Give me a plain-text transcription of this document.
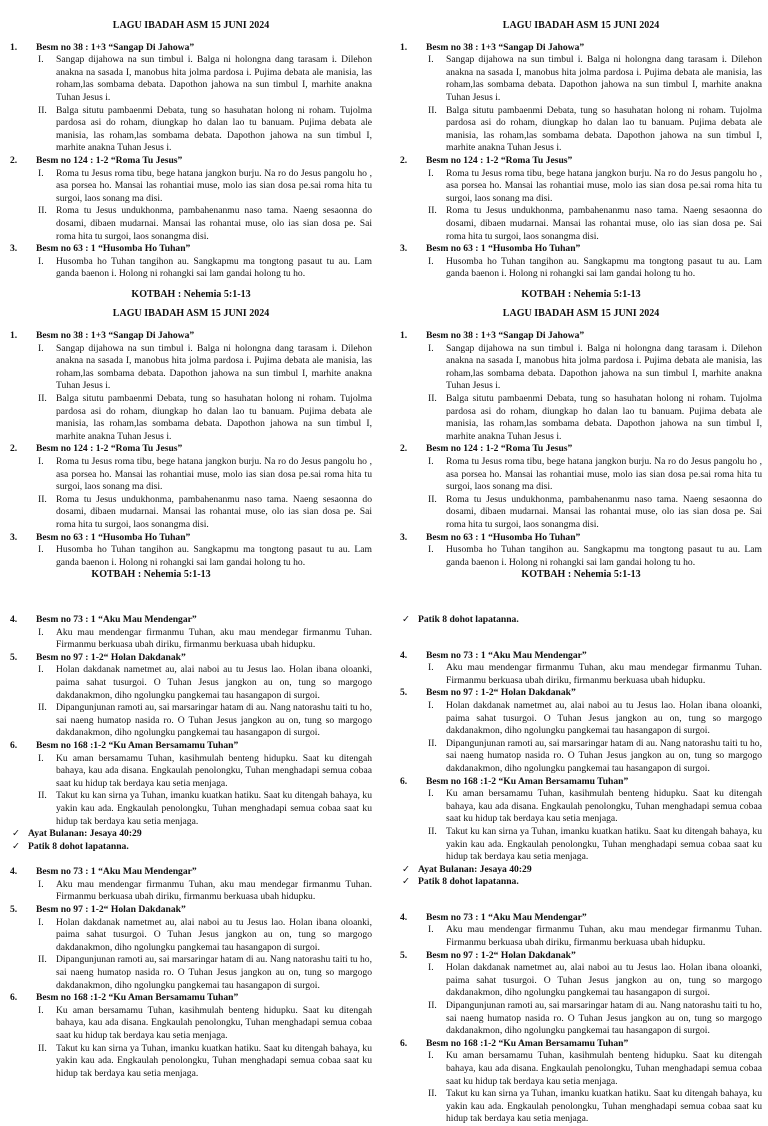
LAGU IBADAH ASM 15 JUNI 2024
1. Besm no 38 : 1+3 “Sangap Di Jahowa”
I. Sangap dijahowa na sun timbul i. Balga ni holongna dang tarasam i. Dilehon anakna na sasada I, manobus hita jolma pardosa i. Pujima debata ale manisia, las roham,las sombama debata. Dapothon jahowa na sun timbul I, marhite anakna Tuhan Jesus i.
II. Balga situtu pambaenmi Debata, tung so hasuhatan holong ni roham. Tujolma pardosa asi do roham, diungkap ho dalan lao tu banuam. Pujima debata ale manisia, las roham,las sombama debata. Dapothon jahowa na sun timbul I, marhite anakna Tuhan Jesus i.
2. Besm no 124 : 1-2 “Roma Tu Jesus”
I. Roma tu Jesus roma tibu, bege hatana jangkon burju. Na ro do Jesus pangolu ho , asa porsea ho. Mansai las rohantiai muse, molo ias sian dosa pe.sai roma hita tu surgoi, laos sonang ma disi.
II. Roma tu Jesus undukhonma, pambahenanmu naso tama. Naeng sesaonna do dosami, dibaen mudarnai. Mansai las rohantai muse, olo ias sian dosa pe. Sai roma hita tu surgoi, laos sonangma disi.
3. Besm no 63 : 1 “Husomba Ho Tuhan”
I. Husomba ho Tuhan tangihon au. Sangkapmu ma tongtong pasaut tu au. Lam ganda baenon i. Holong ni rohangki sai lam gandai holong tu ho.
KOTBAH : Nehemia 5:1-13
LAGU IBADAH ASM 15 JUNI 2024
1. Besm no 38 : 1+3 “Sangap Di Jahowa”
I. Sangap dijahowa na sun timbul i. Balga ni holongna dang tarasam i. Dilehon anakna na sasada I, manobus hita jolma pardosa i. Pujima debata ale manisia, las roham,las sombama debata. Dapothon jahowa na sun timbul I, marhite anakna Tuhan Jesus i.
II. Balga situtu pambaenmi Debata, tung so hasuhatan holong ni roham. Tujolma pardosa asi do roham, diungkap ho dalan lao tu banuam. Pujima debata ale manisia, las roham,las sombama debata. Dapothon jahowa na sun timbul I, marhite anakna Tuhan Jesus i.
2. Besm no 124 : 1-2 “Roma Tu Jesus”
I. Roma tu Jesus roma tibu, bege hatana jangkon burju. Na ro do Jesus pangolu ho , asa porsea ho. Mansai las rohantiai muse, molo ias sian dosa pe.sai roma hita tu surgoi, laos sonang ma disi.
II. Roma tu Jesus undukhonma, pambahenanmu naso tama. Naeng sesaonna do dosami, dibaen mudarnai. Mansai las rohantai muse, olo ias sian dosa pe. Sai roma hita tu surgoi, laos sonangma disi.
3. Besm no 63 : 1 “Husomba Ho Tuhan”
I. Husomba ho Tuhan tangihon au. Sangkapmu ma tongtong pasaut tu au. Lam ganda baenon i. Holong ni rohangki sai lam gandai holong tu ho.
KOTBAH : Nehemia 5:1-13
4. Besm no 73 : 1 “Aku Mau Mendengar”
I. Aku mau mendengar firmanmu Tuhan, aku mau mendegar firmanmu Tuhan. Firmanmu berkuasa ubah diriku, firmanmu berkuasa ubah hidupku.
5. Besm no 97 : 1-2“ Holan Dakdanak”
I. Holan dakdanak nametmet au, alai naboi au tu Jesus lao. Holan ibana oloanki, paima sahat tusurgoi. O Tuhan Jesus jangkon au on, tung so margogo dakdanakmon, diho ngolungku pangkemai tau hasangapon di surgoi.
II. Dipangunjunan ramoti au, sai marsaringar hatam di au. Nang natorashu taiti tu ho, sai naeng humatop nasida ro. O Tuhan Jesus jangkon au on, tung so margogo dakdanakmon, diho ngolungku pangkemai tau hasangapon di surgoi.
6. Besm no 168 :1-2 “Ku Aman Bersamamu Tuhan”
I. Ku aman bersamamu Tuhan, kasihmulah benteng hidupku. Saat ku ditengah bahaya, kau ada disana. Engkaulah penolongku, Tuhan menghadapi semua cobaa saat ku hidup tak berdaya kau setia menjaga.
II. Takut ku kan sirna ya Tuhan, imanku kuatkan hatiku. Saat ku ditengah bahaya, ku yakin kau ada. Engkaulah penolongku, Tuhan menghadapi semua cobaa saat ku hidup tak berdaya kau setia menjaga.
✓ Ayat Bulanan: Jesaya 40:29
✓ Patik 8 dohot lapatanna.
4. Besm no 73 : 1 “Aku Mau Mendengar”
I. Aku mau mendengar firmanmu Tuhan, aku mau mendegar firmanmu Tuhan. Firmanmu berkuasa ubah diriku, firmanmu berkuasa ubah hidupku.
5. Besm no 97 : 1-2“ Holan Dakdanak”
I. Holan dakdanak nametmet au, alai naboi au tu Jesus lao. Holan ibana oloanki, paima sahat tusurgoi. O Tuhan Jesus jangkon au on, tung so margogo dakdanakmon, diho ngolungku pangkemai tau hasangapon di surgoi.
II. Dipangunjunan ramoti au, sai marsaringar hatam di au. Nang natorashu taiti tu ho, sai naeng humatop nasida ro. O Tuhan Jesus jangkon au on, tung so margogo dakdanakmon, diho ngolungku pangkemai tau hasangapon di surgoi.
6. Besm no 168 :1-2 “Ku Aman Bersamamu Tuhan”
I. Ku aman bersamamu Tuhan, kasihmulah benteng hidupku. Saat ku ditengah bahaya, kau ada disana. Engkaulah penolongku, Tuhan menghadapi semua cobaa saat ku hidup tak berdaya kau setia menjaga.
II. Takut ku kan sirna ya Tuhan, imanku kuatkan hatiku. Saat ku ditengah bahaya, ku yakin kau ada. Engkaulah penolongku, Tuhan menghadapi semua cobaa saat ku hidup tak berdaya kau setia menjaga.
LAGU IBADAH ASM 15 JUNI 2024
1. Besm no 38 : 1+3 “Sangap Di Jahowa”
I. Sangap dijahowa na sun timbul i. Balga ni holongna dang tarasam i. Dilehon anakna na sasada I, manobus hita jolma pardosa i. Pujima debata ale manisia, las roham,las sombama debata. Dapothon jahowa na sun timbul I, marhite anakna Tuhan Jesus i.
II. Balga situtu pambaenmi Debata, tung so hasuhatan holong ni roham. Tujolma pardosa asi do roham, diungkap ho dalan lao tu banuam. Pujima debata ale manisia, las roham,las sombama debata. Dapothon jahowa na sun timbul I, marhite anakna Tuhan Jesus i.
2. Besm no 124 : 1-2 “Roma Tu Jesus”
I. Roma tu Jesus roma tibu, bege hatana jangkon burju. Na ro do Jesus pangolu ho , asa porsea ho. Mansai las rohantiai muse, molo ias sian dosa pe.sai roma hita tu surgoi, laos sonang ma disi.
II. Roma tu Jesus undukhonma, pambahenanmu naso tama. Naeng sesaonna do dosami, dibaen mudarnai. Mansai las rohantai muse, olo ias sian dosa pe. Sai roma hita tu surgoi, laos sonangma disi.
3. Besm no 63 : 1 “Husomba Ho Tuhan”
I. Husomba ho Tuhan tangihon au. Sangkapmu ma tongtong pasaut tu au. Lam ganda baenon i. Holong ni rohangki sai lam gandai holong tu ho.
KOTBAH : Nehemia 5:1-13
LAGU IBADAH ASM 15 JUNI 2024
1. Besm no 38 : 1+3 “Sangap Di Jahowa”
I. Sangap dijahowa na sun timbul i. Balga ni holongna dang tarasam i. Dilehon anakna na sasada I, manobus hita jolma pardosa i. Pujima debata ale manisia, las roham,las sombama debata. Dapothon jahowa na sun timbul I, marhite anakna Tuhan Jesus i.
II. Balga situtu pambaenmi Debata, tung so hasuhatan holong ni roham. Tujolma pardosa asi do roham, diungkap ho dalan lao tu banuam. Pujima debata ale manisia, las roham,las sombama debata. Dapothon jahowa na sun timbul I, marhite anakna Tuhan Jesus i.
2. Besm no 124 : 1-2 “Roma Tu Jesus”
I. Roma tu Jesus roma tibu, bege hatana jangkon burju. Na ro do Jesus pangolu ho , asa porsea ho. Mansai las rohantiai muse, molo ias sian dosa pe.sai roma hita tu surgoi, laos sonang ma disi.
II. Roma tu Jesus undukhonma, pambahenanmu naso tama. Naeng sesaonna do dosami, dibaen mudarnai. Mansai las rohantai muse, olo ias sian dosa pe. Sai roma hita tu surgoi, laos sonangma disi.
3. Besm no 63 : 1 “Husomba Ho Tuhan”
I. Husomba ho Tuhan tangihon au. Sangkapmu ma tongtong pasaut tu au. Lam ganda baenon i. Holong ni rohangki sai lam gandai holong tu ho.
KOTBAH : Nehemia 5:1-13
✓ Patik 8 dohot lapatanna.
4. Besm no 73 : 1 “Aku Mau Mendengar”
I. Aku mau mendengar firmanmu Tuhan, aku mau mendegar firmanmu Tuhan. Firmanmu berkuasa ubah diriku, firmanmu berkuasa ubah hidupku.
5. Besm no 97 : 1-2“ Holan Dakdanak”
I. Holan dakdanak nametmet au, alai naboi au tu Jesus lao. Holan ibana oloanki, paima sahat tusurgoi. O Tuhan Jesus jangkon au on, tung so margogo dakdanakmon, diho ngolungku pangkemai tau hasangapon di surgoi.
II. Dipangunjunan ramoti au, sai marsaringar hatam di au. Nang natorashu taiti tu ho, sai naeng humatop nasida ro. O Tuhan Jesus jangkon au on, tung so margogo dakdanakmon, diho ngolungku pangkemai tau hasangapon di surgoi.
6. Besm no 168 :1-2 “Ku Aman Bersamamu Tuhan”
I. Ku aman bersamamu Tuhan, kasihmulah benteng hidupku. Saat ku ditengah bahaya, kau ada disana. Engkaulah penolongku, Tuhan menghadapi semua cobaa saat ku hidup tak berdaya kau setia menjaga.
II. Takut ku kan sirna ya Tuhan, imanku kuatkan hatiku. Saat ku ditengah bahaya, ku yakin kau ada. Engkaulah penolongku, Tuhan menghadapi semua cobaa saat ku hidup tak berdaya kau setia menjaga.
✓ Ayat Bulanan: Jesaya 40:29
✓ Patik 8 dohot lapatanna.
4. Besm no 73 : 1 “Aku Mau Mendengar”
I. Aku mau mendengar firmanmu Tuhan, aku mau mendegar firmanmu Tuhan. Firmanmu berkuasa ubah diriku, firmanmu berkuasa ubah hidupku.
5. Besm no 97 : 1-2“ Holan Dakdanak”
I. Holan dakdanak nametmet au, alai naboi au tu Jesus lao. Holan ibana oloanki, paima sahat tusurgoi. O Tuhan Jesus jangkon au on, tung so margogo dakdanakmon, diho ngolungku pangkemai tau hasangapon di surgoi.
II. Dipangunjunan ramoti au, sai marsaringar hatam di au. Nang natorashu taiti tu ho, sai naeng humatop nasida ro. O Tuhan Jesus jangkon au on, tung so margogo dakdanakmon, diho ngolungku pangkemai tau hasangapon di surgoi.
6. Besm no 168 :1-2 “Ku Aman Bersamamu Tuhan”
I. Ku aman bersamamu Tuhan, kasihmulah benteng hidupku. Saat ku ditengah bahaya, kau ada disana. Engkaulah penolongku, Tuhan menghadapi semua cobaa saat ku hidup tak berdaya kau setia menjaga.
II. Takut ku kan sirna ya Tuhan, imanku kuatkan hatiku. Saat ku ditengah bahaya, ku yakin kau ada. Engkaulah penolongku, Tuhan menghadapi semua cobaa saat ku hidup tak berdaya kau setia menjaga.
